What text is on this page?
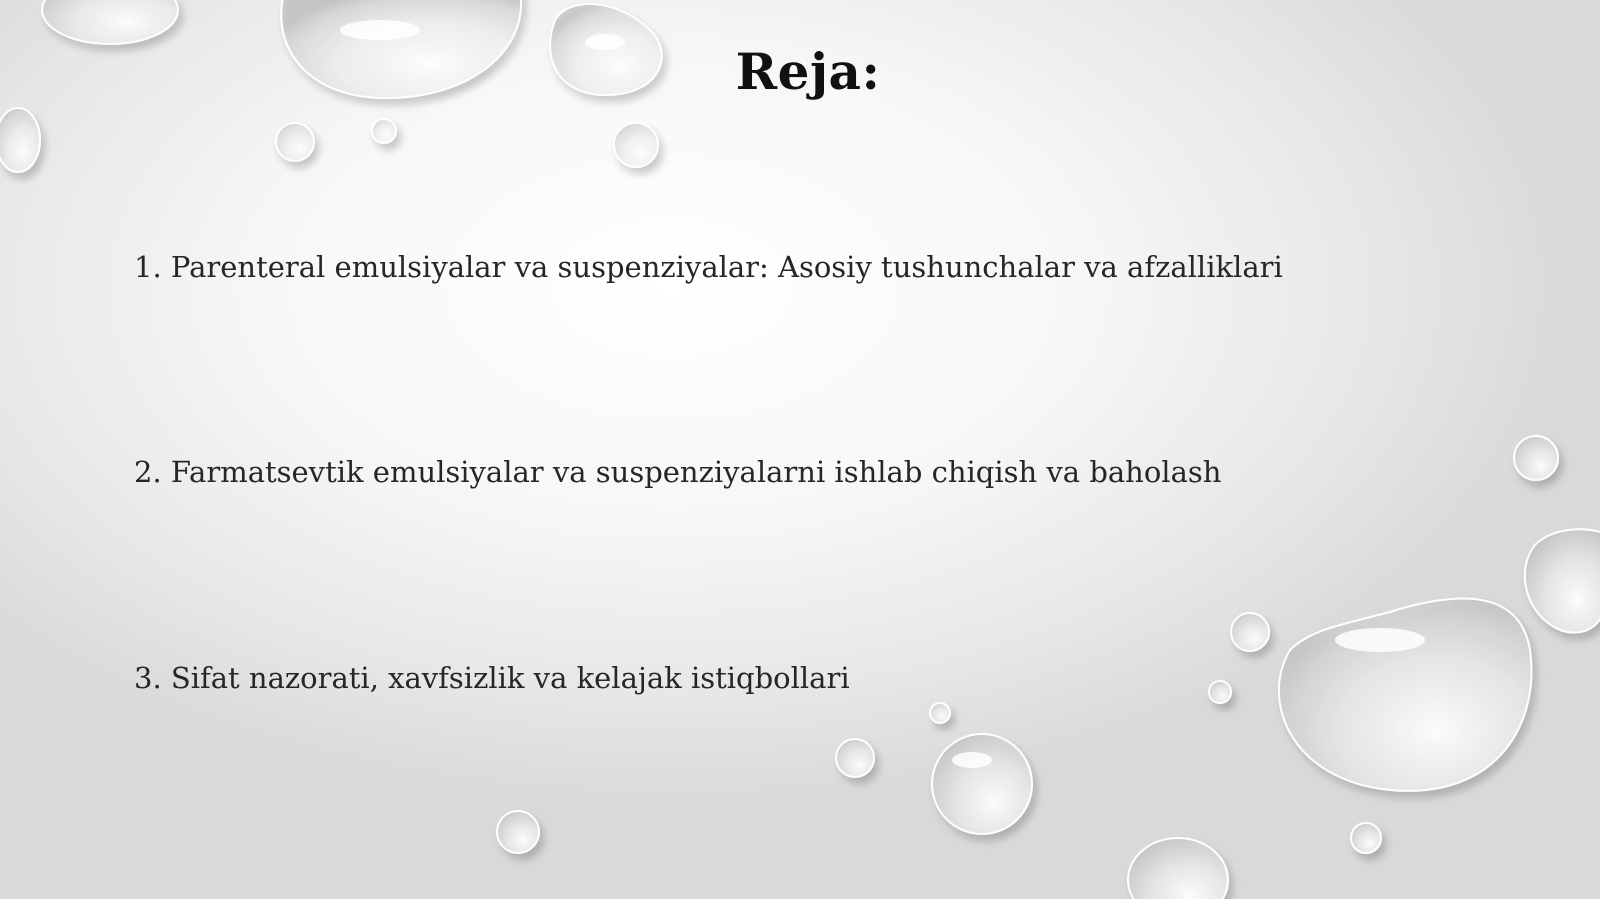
Reja:
1. Parenteral emulsiyalar va suspenziyalar: Asosiy tushunchalar va afzalliklari
2. Farmatsevtik emulsiyalar va suspenziyalarni ishlab chiqish va baholash
3. Sifat nazorati, xavfsizlik va kelajak istiqbollari
